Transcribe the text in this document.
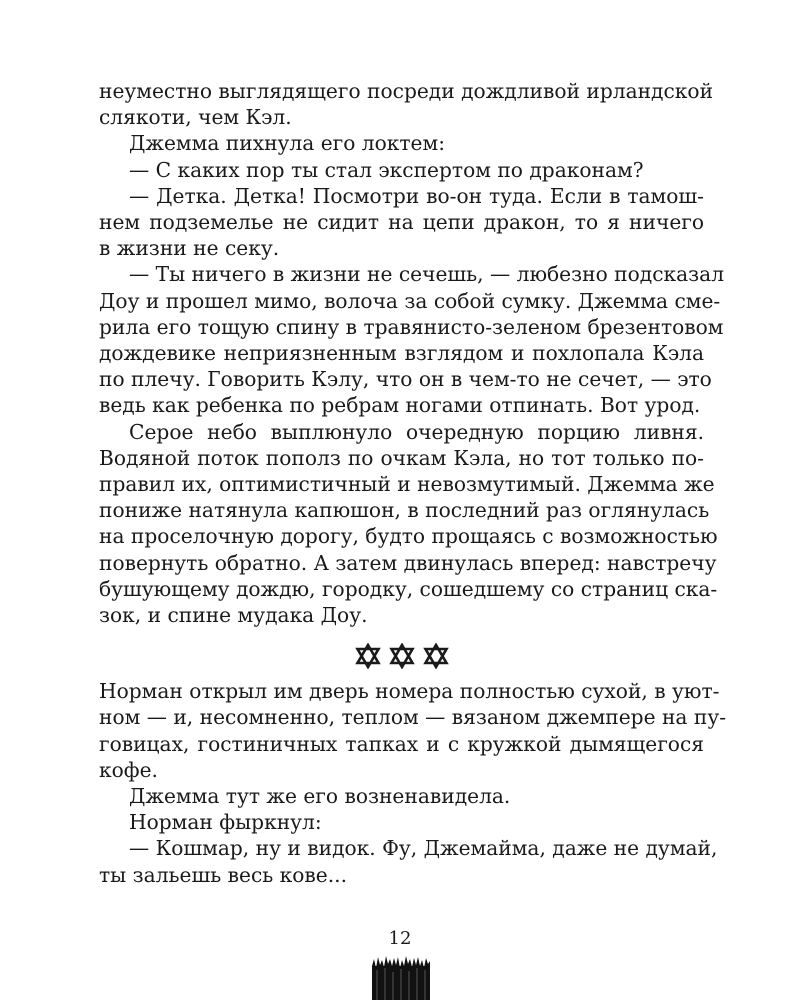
неуместно выглядящего посреди дождливой ирландской
слякоти, чем Кэл.
Джемма пихнула его локтем:
— С каких пор ты стал экспертом по драконам?
— Детка. Детка! Посмотри во-он туда. Если в тамош-
нем подземелье не сидит на цепи дракон, то я ничего
в жизни не секу.
— Ты ничего в жизни не сечешь, — любезно подсказал
Доу и прошел мимо, волоча за собой сумку. Джемма сме-
рила его тощую спину в травянисто-зеленом брезентовом
дождевике неприязненным взглядом и похлопала Кэла
по плечу. Говорить Кэлу, что он в чем-то не сечет, — это
ведь как ребенка по ребрам ногами отпинать. Вот урод.
Серое небо выплюнуло очередную порцию ливня.
Водяной поток пополз по очкам Кэла, но тот только по-
правил их, оптимистичный и невозмутимый. Джемма же
пониже натянула капюшон, в последний раз оглянулась
на проселочную дорогу, будто прощаясь с возможностью
повернуть обратно. А затем двинулась вперед: навстречу
бушующему дождю, городку, сошедшему со страниц ска-
зок, и спине мудака Доу.
Норман открыл им дверь номера полностью сухой, в уют-
ном — и, несомненно, теплом — вязаном джемпере на пу-
говицах, гостиничных тапках и с кружкой дымящегося
кофе.
Джемма тут же его возненавидела.
Норман фыркнул:
— Кошмар, ну и видок. Фу, Джемайма, даже не думай,
ты зальешь весь кове...
12
